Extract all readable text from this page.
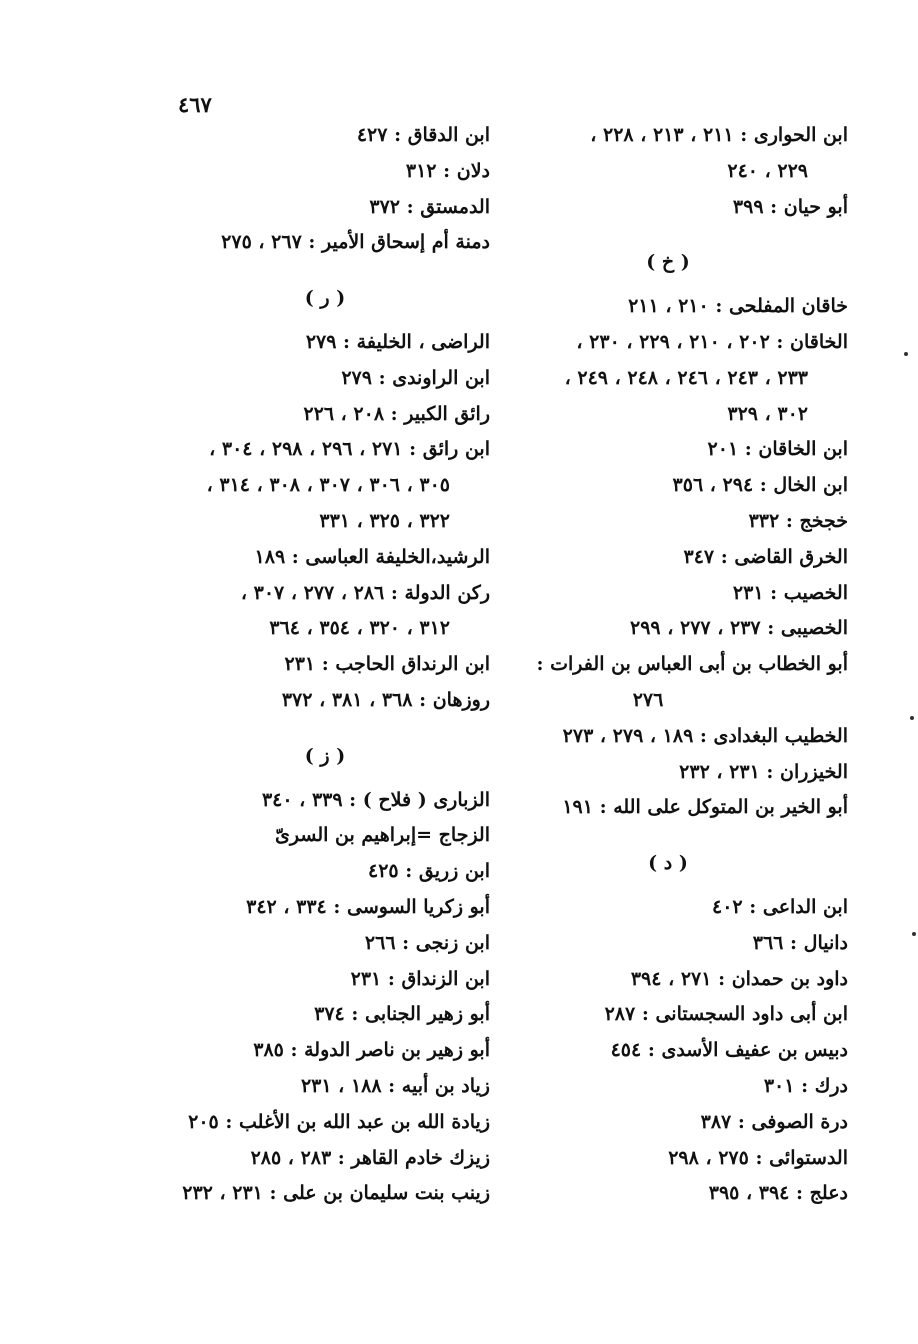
٤٦٧
ابن الحوارى : ٢١١ ، ٢١٣ ، ٢٢٨ ،
٢٢٩ ، ٢٤٠
أبو حيان : ٣٩٩
( خ )
خاقان المفلحى : ٢١٠ ، ٢١١
الخاقان : ٢٠٢ ، ٢١٠ ، ٢٢٩ ، ٢٣٠ ،
٢٣٣ ، ٢٤٣ ، ٢٤٦ ، ٢٤٨ ، ٢٤٩ ،
٣٠٢ ، ٣٢٩
ابن الخاقان : ٢٠١
ابن الخال : ٢٩٤ ، ٣٥٦
خجخج : ٣٣٢
الخرق القاضى : ٣٤٧
الخصيب : ٢٣١
الخصيبى : ٢٣٧ ، ٢٧٧ ، ٢٩٩
أبو الخطاب بن أبى العباس بن الفرات :
٢٧٦
الخطيب البغدادى : ١٨٩ ، ٢٧٩ ، ٢٧٣
الخيزران : ٢٣١ ، ٢٣٢
أبو الخير بن المتوكل على الله : ١٩١
( د )
ابن الداعى : ٤٠٢
دانيال : ٣٦٦
داود بن حمدان : ٢٧١ ، ٣٩٤
ابن أبى داود السجستانى : ٢٨٧
دبيس بن عفيف الأسدى : ٤٥٤
درك : ٣٠١
درة الصوفى : ٣٨٧
الدستوائى : ٢٧٥ ، ٢٩٨
دعلج : ٣٩٤ ، ٣٩٥
ابن الدقاق : ٤٢٧
دلان : ٣١٢
الدمستق : ٣٧٢
دمنة أم إسحاق الأمير : ٢٦٧ ، ٢٧٥
( ر )
الراضى ، الخليفة : ٢٧٩
ابن الراوندى : ٢٧٩
رائق الكبير : ٢٠٨ ، ٢٢٦
ابن رائق : ٢٧١ ، ٢٩٦ ، ٢٩٨ ، ٣٠٤ ،
٣٠٥ ، ٣٠٦ ، ٣٠٧ ، ٣٠٨ ، ٣١٤ ،
٣٢٢ ، ٣٢٥ ، ٣٣١
الرشيد،الخليفة العباسى : ١٨٩
ركن الدولة : ٢٨٦ ، ٢٧٧ ، ٣٠٧ ،
٣١٢ ، ٣٢٠ ، ٣٥٤ ، ٣٦٤
ابن الرنداق الحاجب : ٢٣١
روزهان : ٣٦٨ ، ٣٨١ ، ٣٧٢
( ز )
الزبارى ( فلاح ) : ٣٣٩ ، ٣٤٠
الزجاج =إبراهيم بن السرىّ
ابن زريق : ٤٢٥
أبو زكريا السوسى : ٣٣٤ ، ٣٤٢
ابن زنجى : ٢٦٦
ابن الزنداق : ٢٣١
أبو زهير الجنابى : ٣٧٤
أبو زهير بن ناصر الدولة : ٣٨٥
زياد بن أبيه : ١٨٨ ، ٢٣١
زيادة الله بن عبد الله بن الأغلب : ٢٠٥
زيزك خادم القاهر : ٢٨٣ ، ٢٨٥
زينب بنت سليمان بن على : ٢٣١ ، ٢٣٢
